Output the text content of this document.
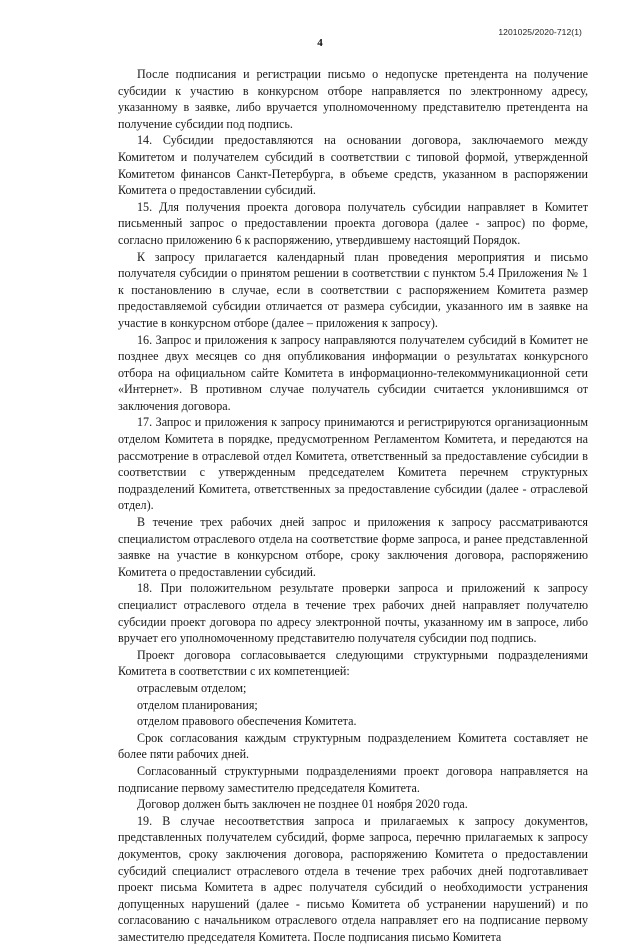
1201025/2020-712(1)
4

После подписания и регистрации письмо о недопуске претендента на получение субсидии к участию в конкурсном отборе направляется по электронному адресу, указанному в заявке, либо вручается уполномоченному представителю претендента на получение субсидии под подпись.

14. Субсидии предоставляются на основании договора, заключаемого между Комитетом и получателем субсидий в соответствии с типовой формой, утвержденной Комитетом финансов Санкт-Петербурга, в объеме средств, указанном в распоряжении Комитета о предоставлении субсидий.

15. Для получения проекта договора получатель субсидии направляет в Комитет письменный запрос о предоставлении проекта договора (далее - запрос) по форме, согласно приложению 6 к распоряжению, утвердившему настоящий Порядок.

К запросу прилагается календарный план проведения мероприятия и письмо получателя субсидии о принятом решении в соответствии с пунктом 5.4 Приложения № 1 к постановлению в случае, если в соответствии с распоряжением Комитета размер предоставляемой субсидии отличается от размера субсидии, указанного им в заявке на участие в конкурсном отборе (далее – приложения к запросу).

16. Запрос и приложения к запросу направляются получателем субсидий в Комитет не позднее двух месяцев со дня опубликования информации о результатах конкурсного отбора на официальном сайте Комитета в информационно-телекоммуникационной сети «Интернет». В противном случае получатель субсидии считается уклонившимся от заключения договора.

17. Запрос и приложения к запросу принимаются и регистрируются организационным отделом Комитета в порядке, предусмотренном Регламентом Комитета, и передаются на рассмотрение в отраслевой отдел Комитета, ответственный за предоставление субсидии в соответствии с утвержденным председателем Комитета перечнем структурных подразделений Комитета, ответственных за предоставление субсидии (далее - отраслевой отдел).

В течение трех рабочих дней запрос и приложения к запросу рассматриваются специалистом отраслевого отдела на соответствие форме запроса, и ранее представленной заявке на участие в конкурсном отборе, сроку заключения договора, распоряжению Комитета о предоставлении субсидий.

18. При положительном результате проверки запроса и приложений к запросу специалист отраслевого отдела в течение трех рабочих дней направляет получателю субсидии проект договора по адресу электронной почты, указанному им в запросе, либо вручает его уполномоченному представителю получателя субсидии под подпись.

Проект договора согласовывается следующими структурными подразделениями Комитета в соответствии с их компетенцией:

отраслевым отделом;

отделом планирования;

отделом правового обеспечения Комитета.

Срок согласования каждым структурным подразделением Комитета составляет не более пяти рабочих дней.

Согласованный структурными подразделениями проект договора направляется на подписание первому заместителю председателя Комитета.

Договор должен быть заключен не позднее 01 ноября 2020 года.

19. В случае несоответствия запроса и прилагаемых к запросу документов, представленных получателем субсидий, форме запроса, перечню прилагаемых к запросу документов, сроку заключения договора, распоряжению Комитета о предоставлении субсидий специалист отраслевого отдела в течение трех рабочих дней подготавливает проект письма Комитета в адрес получателя субсидий о необходимости устранения допущенных нарушений (далее - письмо Комитета об устранении нарушений) и по согласованию с начальником отраслевого отдела направляет его на подписание первому заместителю председателя Комитета. После подписания письмо Комитета
